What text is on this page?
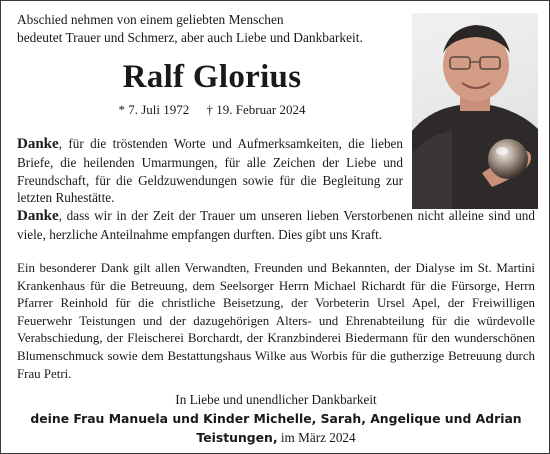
Abschied nehmen von einem geliebten Menschen
bedeutet Trauer und Schmerz, aber auch Liebe und Dankbarkeit.
Ralf Glorius
* 7. Juli 1972 † 19. Februar 2024
Danke, für die tröstenden Worte und Aufmerksamkeiten, die lieben Briefe, die heilenden Umarmungen, für alle Zeichen der Liebe und Freundschaft, für die Geldzuwendungen sowie für die Begleitung zur letzten Ruhestätte.
Danke, dass wir in der Zeit der Trauer um unseren lieben Verstorbenen nicht alleine sind und viele, herzliche Anteilnahme empfangen durften. Dies gibt uns Kraft.
Ein besonderer Dank gilt allen Verwandten, Freunden und Bekannten, der Dialyse im St. Martini Krankenhaus für die Betreuung, dem Seelsorger Herrn Michael Richardt für die Fürsorge, Herrn Pfarrer Reinhold für die christliche Beisetzung, der Vorbeterin Ursel Apel, der Freiwilligen Feuerwehr Teistungen und der dazugehörigen Alters- und Ehrenabteilung für die würdevolle Verabschiedung, der Fleischerei Borchardt, der Kranzbinderei Biedermann für den wunderschönen Blumenschmuck sowie dem Bestattungshaus Wilke aus Worbis für die gutherzige Betreuung durch Frau Petri.
In Liebe und unendlicher Dankbarkeit
deine Frau Manuela und Kinder Michelle, Sarah, Angelique und Adrian
Teistungen, im März 2024
